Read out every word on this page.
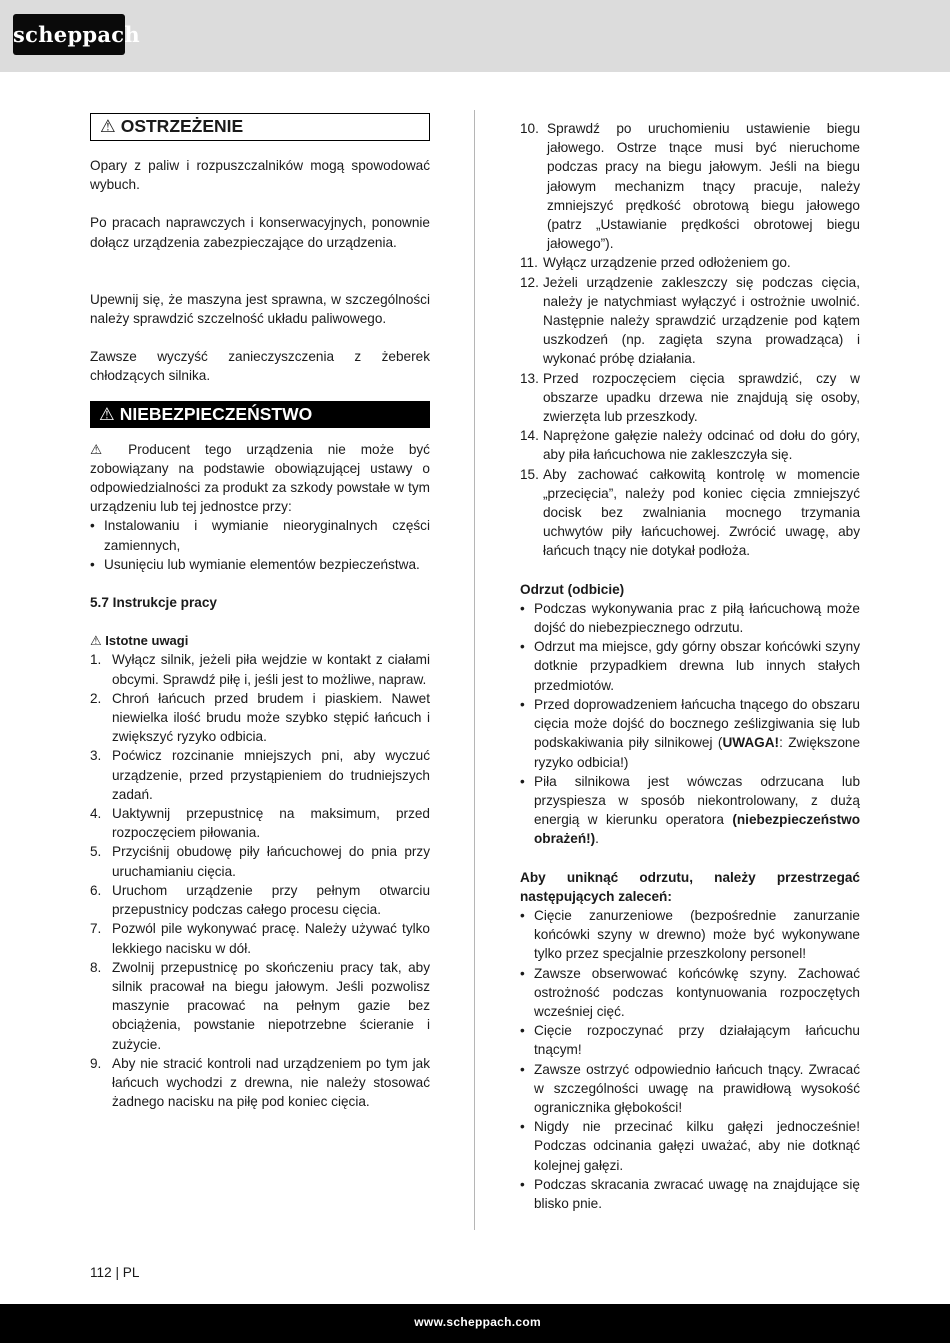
scheppach
⚠ OSTRZEŻENIE

Opary z paliw i rozpuszczalników mogą spowodować wybuch.

Po pracach naprawczych i konserwacyjnych, ponownie dołącz urządzenia zabezpieczające do urządzenia.

Upewnij się, że maszyna jest sprawna, w szczególności należy sprawdzić szczelność układu paliwowego.

Zawsze wyczyść zanieczyszczenia z żeberek chłodzących silnika.

⚠ NIEBEZPIECZEŃSTWO

⚠ Producent tego urządzenia nie może być zobowiązany na podstawie obowiązującej ustawy o odpowiedzialności za produkt za szkody powstałe w tym urządzeniu lub tej jednostce przy:

• Instalowaniu i wymianie nieoryginalnych części zamiennych,
• Usunięciu lub wymianie elementów bezpieczeństwa.

5.7 Instrukcje pracy

⚠ Istotne uwagi

1. Wyłącz silnik, jeżeli piła wejdzie w kontakt z ciałami obcymi. Sprawdź piłę i, jeśli jest to możliwe, napraw.
2. Chroń łańcuch przed brudem i piaskiem. Nawet niewielka ilość brudu może szybko stępić łańcuch i zwiększyć ryzyko odbicia.
3. Poćwicz rozcinanie mniejszych pni, aby wyczuć urządzenie, przed przystąpieniem do trudniejszych zadań.
4. Uaktywnij przepustnicę na maksimum, przed rozpoczęciem piłowania.
5. Przyciśnij obudowę piły łańcuchowej do pnia przy uruchamianiu cięcia.
6. Uruchom urządzenie przy pełnym otwarciu przepustnicy podczas całego procesu cięcia.
7. Pozwól pile wykonywać pracę. Należy używać tylko lekkiego nacisku w dół.
8. Zwolnij przepustnicę po skończeniu pracy tak, aby silnik pracował na biegu jałowym. Jeśli pozwolisz maszynie pracować na pełnym gazie bez obciążenia, powstanie niepotrzebne ścieranie i zużycie.
9. Aby nie stracić kontroli nad urządzeniem po tym jak łańcuch wychodzi z drewna, nie należy stosować żadnego nacisku na piłę pod koniec cięcia.
10. Sprawdź po uruchomieniu ustawienie biegu jałowego. Ostrze tnące musi być nieruchome podczas pracy na biegu jałowym. Jeśli na biegu jałowym mechanizm tnący pracuje, należy zmniejszyć prędkość obrotową biegu jałowego (patrz „Ustawianie prędkości obrotowej biegu jałowego”).
11. Wyłącz urządzenie przed odłożeniem go.
12. Jeżeli urządzenie zakleszczy się podczas cięcia, należy je natychmiast wyłączyć i ostrożnie uwolnić. Następnie należy sprawdzić urządzenie pod kątem uszkodzeń (np. zagięta szyna prowadząca) i wykonać próbę działania.
13. Przed rozpoczęciem cięcia sprawdzić, czy w obszarze upadku drzewa nie znajdują się osoby, zwierzęta lub przeszkody.
14. Naprężone gałęzie należy odcinać od dołu do góry, aby piła łańcuchowa nie zakleszczyła się.
15. Aby zachować całkowitą kontrolę w momencie „przecięcia”, należy pod koniec cięcia zmniejszyć docisk bez zwalniania mocnego trzymania uchwytów piły łańcuchowej. Zwrócić uwagę, aby łańcuch tnący nie dotykał podłoża.

Odrzut (odbicie)

• Podczas wykonywania prac z piłą łańcuchową może dojść do niebezpiecznego odrzutu.
• Odrzut ma miejsce, gdy górny obszar końcówki szyny dotknie przypadkiem drewna lub innych stałych przedmiotów.
• Przed doprowadzeniem łańcucha tnącego do obszaru cięcia może dojść do bocznego ześlizgiwania się lub podskakiwania piły silnikowej (UWAGA!: Zwiększone ryzyko odbicia!)
• Piła silnikowa jest wówczas odrzucana lub przyspiesza w sposób niekontrolowany, z dużą energią w kierunku operatora (niebezpieczeństwo obrażeń!).

Aby uniknąć odrzutu, należy przestrzegać następujących zaleceń:

• Cięcie zanurzeniowe (bezpośrednie zanurzanie końcówki szyny w drewno) może być wykonywane tylko przez specjalnie przeszkolony personel!
• Zawsze obserwować końcówkę szyny. Zachować ostrożność podczas kontynuowania rozpoczętych wcześniej cięć.
• Cięcie rozpoczynać przy działającym łańcuchu tnącym!
• Zawsze ostrzyć odpowiednio łańcuch tnący. Zwracać w szczególności uwagę na prawidłową wysokość ogranicznika głębokości!
• Nigdy nie przecinać kilku gałęzi jednocześnie! Podczas odcinania gałęzi uważać, aby nie dotknąć kolejnej gałęzi.
• Podczas skracania zwracać uwagę na znajdujące się blisko pnie.
112 | PL
www.scheppach.com
